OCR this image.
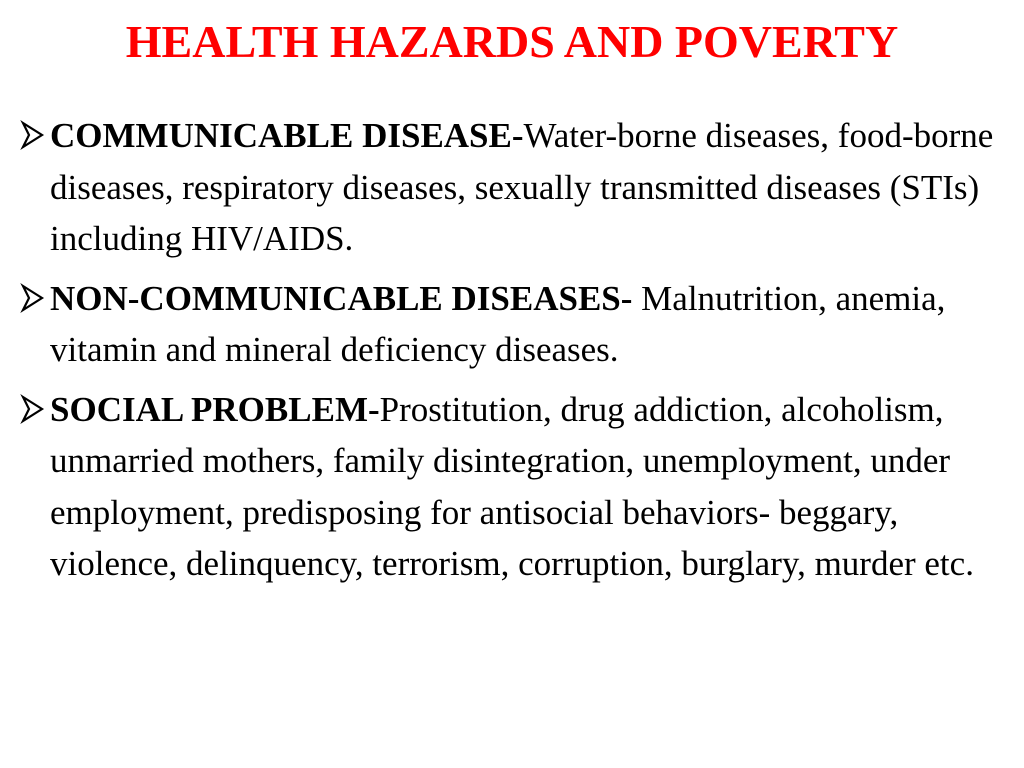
HEALTH HAZARDS AND POVERTY
COMMUNICABLE DISEASE-Water-borne diseases, food-borne diseases, respiratory diseases, sexually transmitted diseases (STIs) including HIV/AIDS.
NON-COMMUNICABLE DISEASES- Malnutrition, anemia, vitamin and mineral deficiency diseases.
SOCIAL PROBLEM-Prostitution, drug addiction, alcoholism, unmarried mothers, family disintegration, unemployment, under employment, predisposing for antisocial behaviors- beggary, violence, delinquency, terrorism, corruption, burglary, murder etc.
